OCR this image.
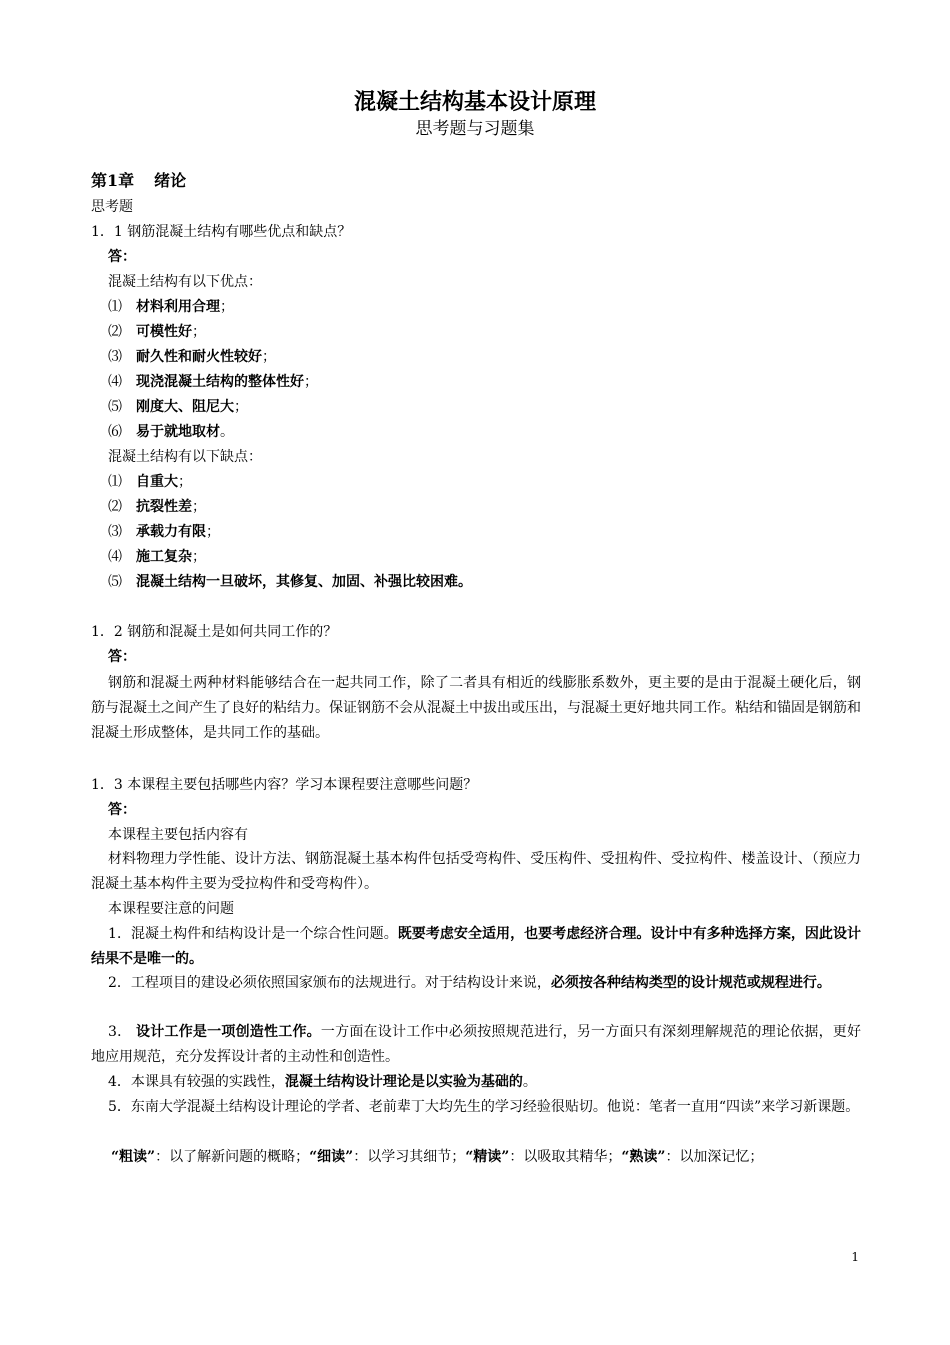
混凝土结构基本设计原理
思考题与习题集
第1章 绪论
思考题
1．1 钢筋混凝土结构有哪些优点和缺点？
答：
混凝土结构有以下优点：
⑴ 材料利用合理；
⑵ 可模性好；
⑶ 耐久性和耐火性较好；
⑷ 现浇混凝土结构的整体性好；
⑸ 刚度大、阻尼大；
⑹ 易于就地取材。
混凝土结构有以下缺点：
⑴ 自重大；
⑵ 抗裂性差；
⑶ 承载力有限；
⑷ 施工复杂；
⑸ 混凝土结构一旦破坏，其修复、加固、补强比较困难。
1．2 钢筋和混凝土是如何共同工作的？
答：
钢筋和混凝土两种材料能够结合在一起共同工作，除了二者具有相近的线膨胀系数外，更主要的是由于混凝土硬化后，钢筋与混凝土之间产生了良好的粘结力。保证钢筋不会从混凝土中拔出或压出，与混凝土更好地共同工作。粘结和锚固是钢筋和混凝土形成整体，是共同工作的基础。
1．3 本课程主要包括哪些内容？学习本课程要注意哪些问题？
答：
本课程主要包括内容有
材料物理力学性能、设计方法、钢筋混凝土基本构件包括受弯构件、受压构件、受扭构件、受拉构件、楼盖设计、（预应力混凝土基本构件主要为受拉构件和受弯构件）。
本课程要注意的问题
1．混凝土构件和结构设计是一个综合性问题。既要考虑安全适用，也要考虑经济合理。设计中有多种选择方案，因此设计结果不是唯一的。
2．工程项目的建设必须依照国家颁布的法规进行。对于结构设计来说，必须按各种结构类型的设计规范或规程进行。
3． 设计工作是一项创造性工作。一方面在设计工作中必须按照规范进行，另一方面只有深刻理解规范的理论依据，更好地应用规范，充分发挥设计者的主动性和创造性。
4．本课具有较强的实践性，混凝土结构设计理论是以实验为基础的。
5．东南大学混凝土结构设计理论的学者、老前辈丁大均先生的学习经验很贴切。他说：笔者一直用“四读”来学习新课题。
“粗读”：以了解新问题的概略；“细读”：以学习其细节；“精读”：以吸取其精华；“熟读”：以加深记忆；
1
